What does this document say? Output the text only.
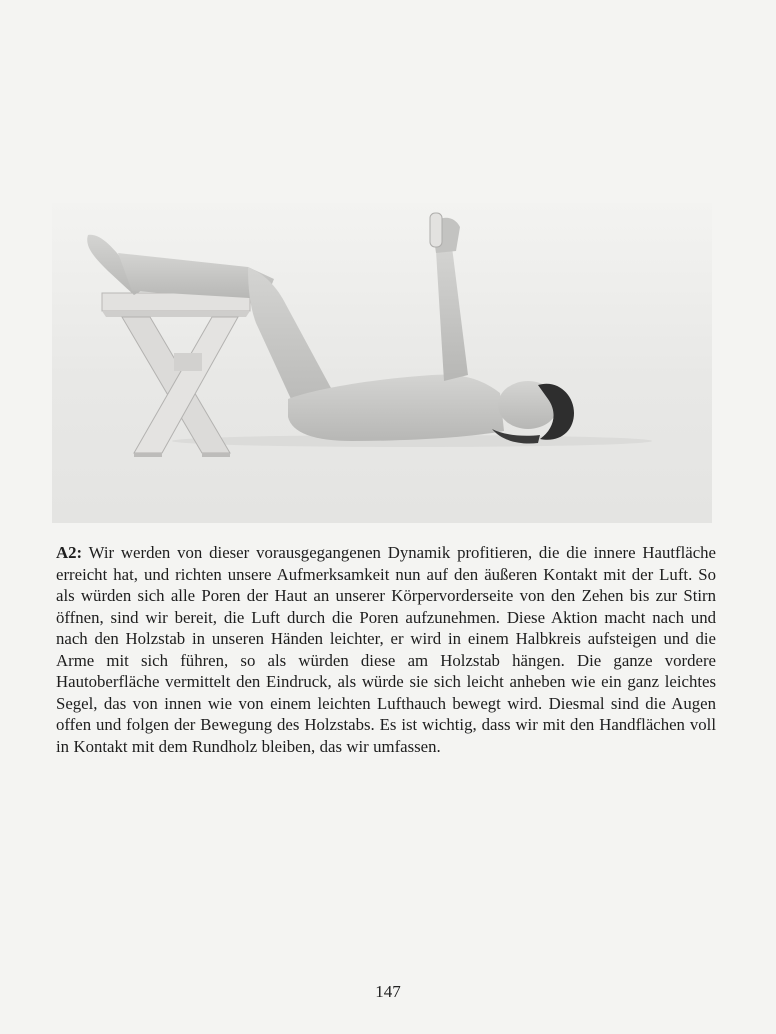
A2: Wir werden von dieser vorausgegangenen Dynamik profitieren, die die innere Hautfläche erreicht hat, und richten unsere Aufmerksamkeit nun auf den äußeren Kontakt mit der Luft. So als würden sich alle Poren der Haut an unserer Körpervorderseite von den Zehen bis zur Stirn öffnen, sind wir bereit, die Luft durch die Poren aufzunehmen. Diese Aktion macht nach und nach den Holzstab in unseren Händen leichter, er wird in einem Halbkreis aufsteigen und die Arme mit sich führen, so als würden diese am Holzstab hängen. Die ganze vordere Hautoberfläche vermittelt den Eindruck, als würde sie sich leicht anheben wie ein ganz leichtes Segel, das von innen wie von einem leichten Lufthauch bewegt wird. Diesmal sind die Augen offen und folgen der Bewegung des Holzstabs. Es ist wichtig, dass wir mit den Handflächen voll in Kontakt mit dem Rundholz bleiben, das wir umfassen.
147
